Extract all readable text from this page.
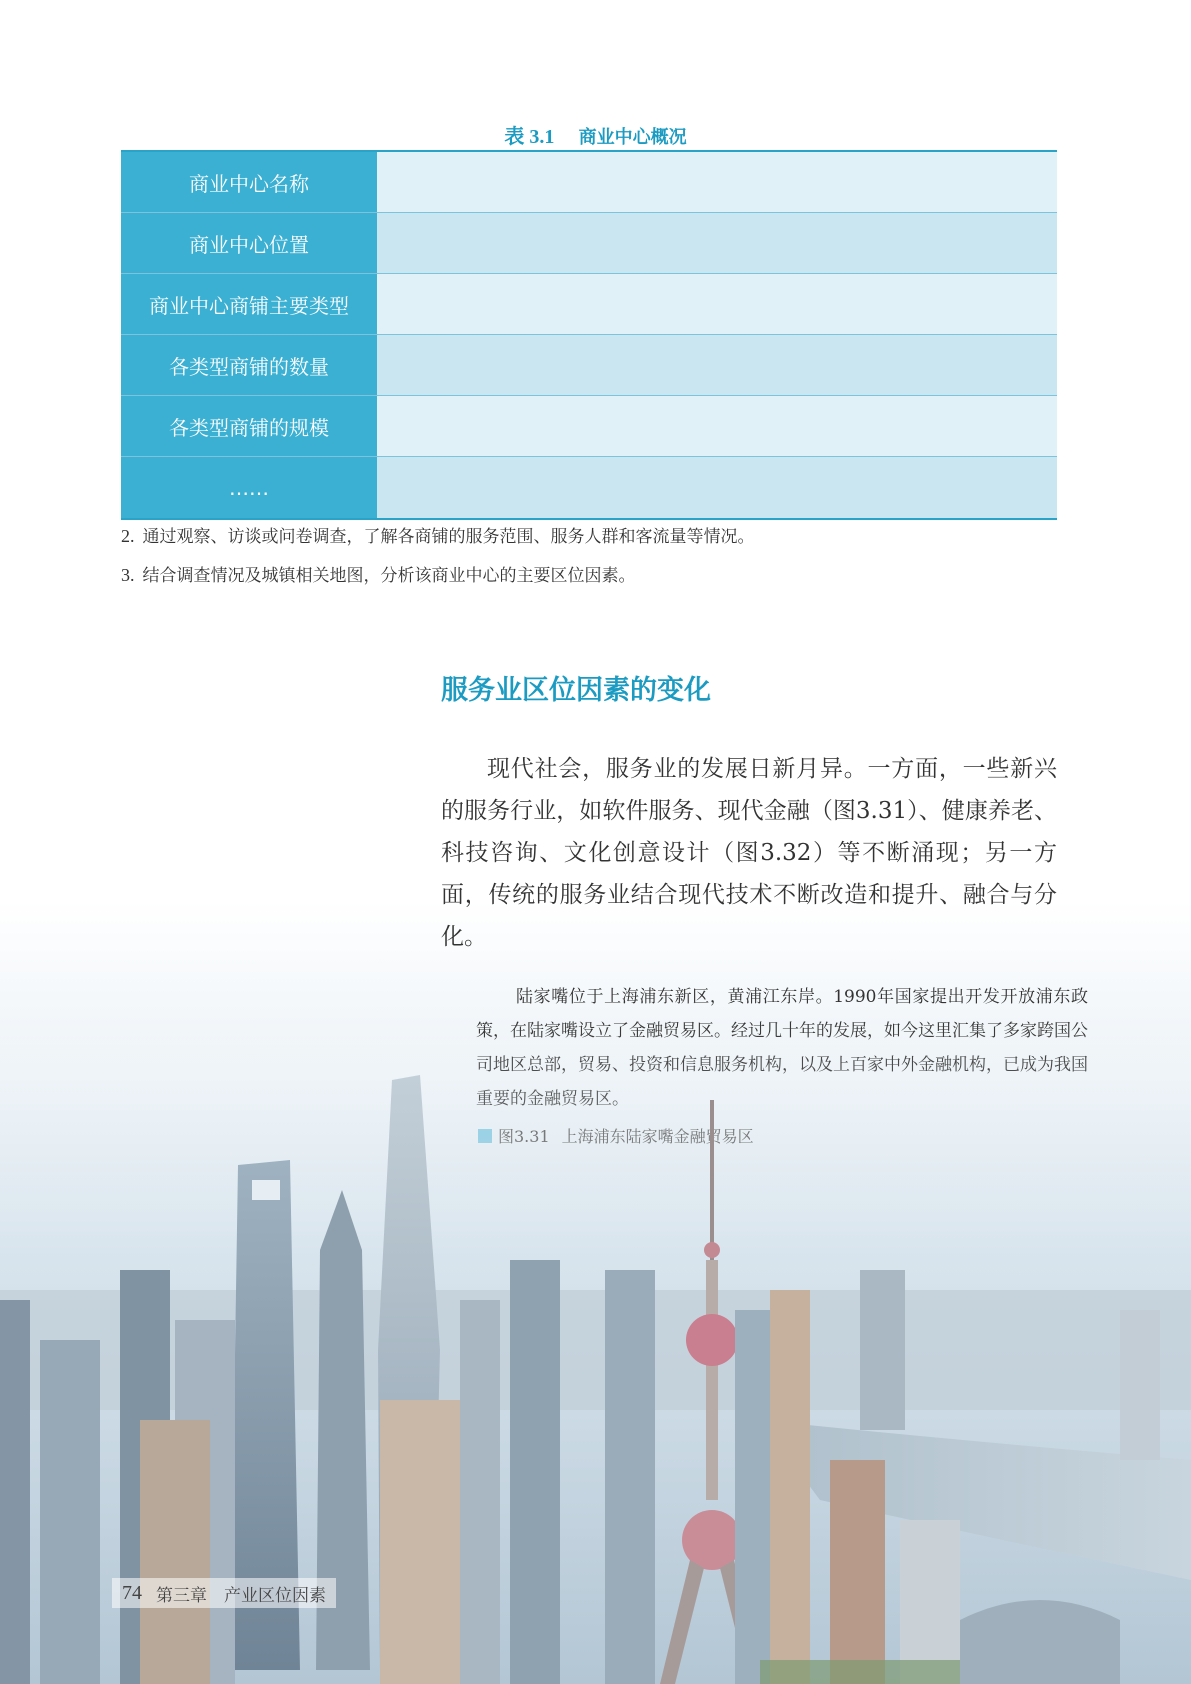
表 3.1 商业中心概况
商业中心名称
商业中心位置
商业中心商铺主要类型
各类型商铺的数量
各类型商铺的规模
……
2. 通过观察、访谈或问卷调查，了解各商铺的服务范围、服务人群和客流量等情况。
3. 结合调查情况及城镇相关地图，分析该商业中心的主要区位因素。
服务业区位因素的变化

现代社会，服务业的发展日新月异。一方面，一些新兴的服务行业，如软件服务、现代金融（图3.31）、健康养老、科技咨询、文化创意设计（图3.32）等不断涌现；另一方面，传统的服务业结合现代技术不断改造和提升、融合与分化。

陆家嘴位于上海浦东新区，黄浦江东岸。1990年国家提出开发开放浦东政

74 第三章　产业区位因素
